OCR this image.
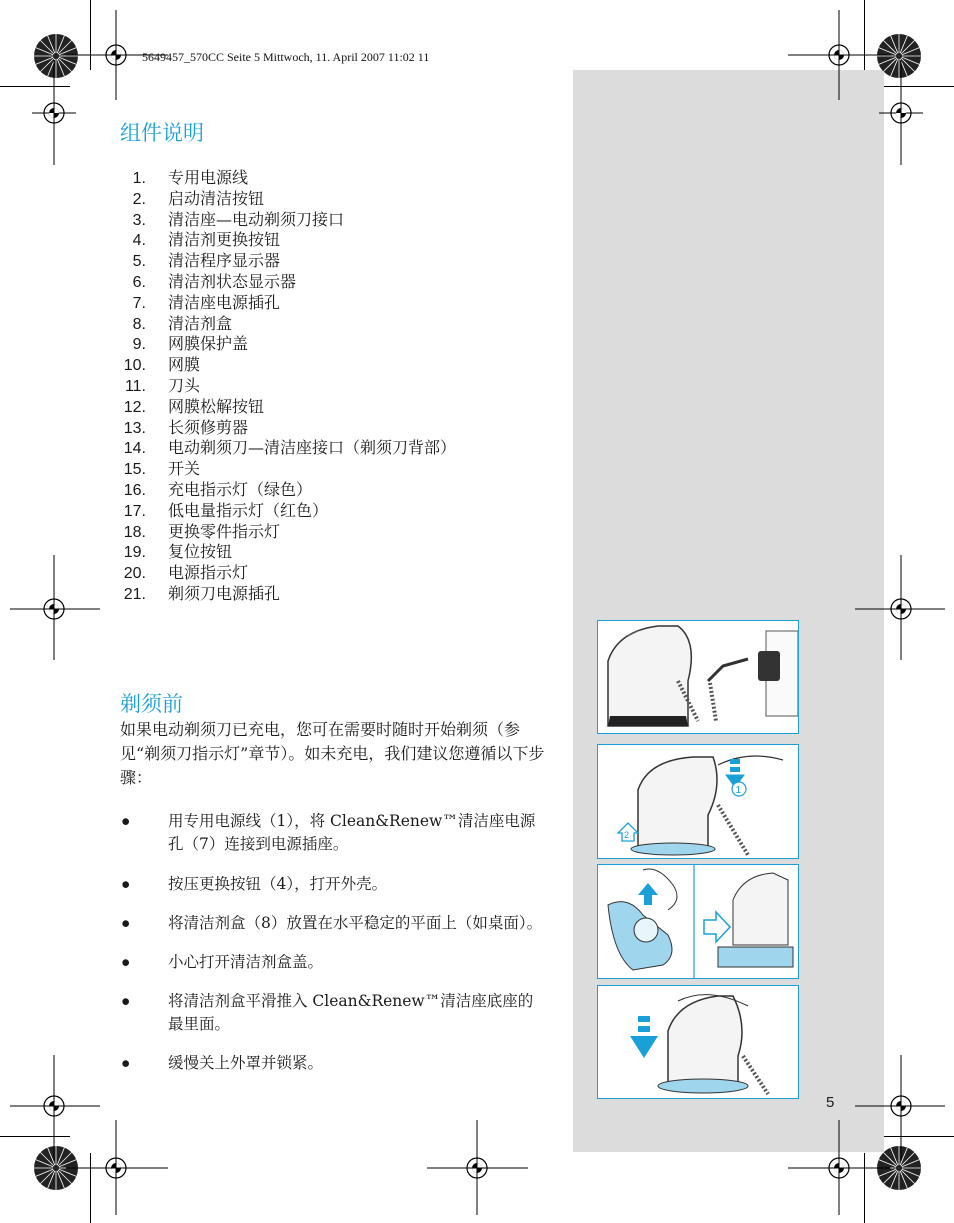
5649457_570CC Seite 5 Mittwoch, 11. April 2007 11:02 11
组件说明
1. 专用电源线
2. 启动清洁按钮
3. 清洁座—电动剃须刀接口
4. 清洁剂更换按钮
5. 清洁程序显示器
6. 清洁剂状态显示器
7. 清洁座电源插孔
8. 清洁剂盒
9. 网膜保护盖
10. 网膜
11. 刀头
12. 网膜松解按钮
13. 长须修剪器
14. 电动剃须刀—清洁座接口（剃须刀背部）
15. 开关
16. 充电指示灯（绿色）
17. 低电量指示灯（红色）
18. 更换零件指示灯
19. 复位按钮
20. 电源指示灯
21. 剃须刀电源插孔
剃须前

如果电动剃须刀已充电，您可在需要时随时开始剃须（参见“剃须刀指示灯”章节）。如未充电，我们建议您遵循以下步骤：

● 用专用电源线（1），将 Clean&Renew™清洁座电源孔（7）连接到电源插座。
● 按压更换按钮（4），打开外壳。
● 将清洁剂盒（8）放置在水平稳定的平面上（如桌面）。
● 小心打开清洁剂盒盖。
● 将清洁剂盒平滑推入 Clean&Renew™清洁座底座的最里面。
● 缓慢关上外罩并锁紧。
1
2
5
